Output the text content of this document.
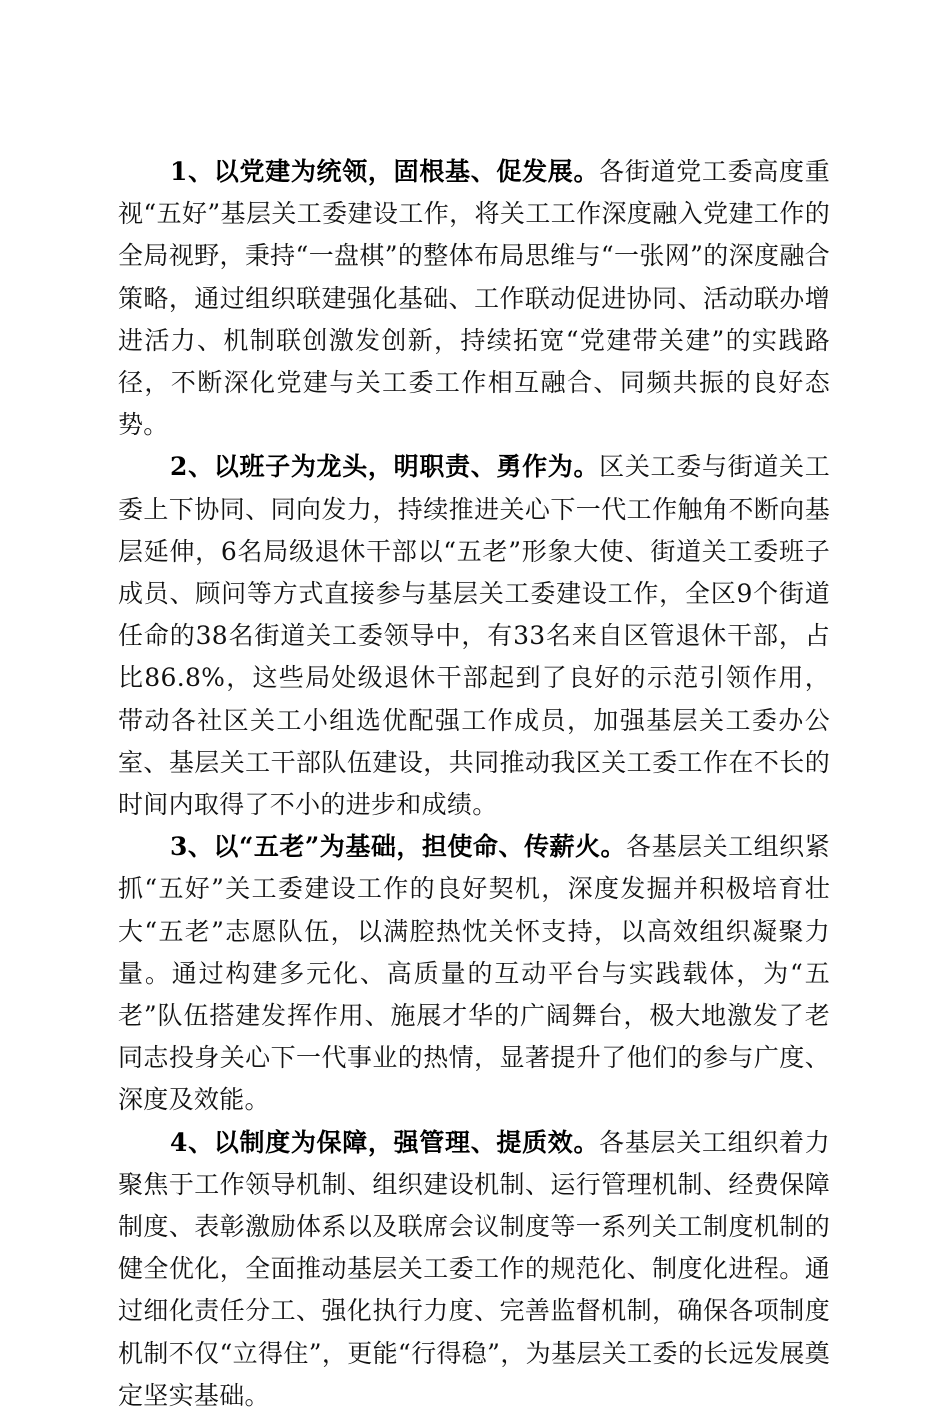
1、以党建为统领，固根基、促发展。各街道党工委高度重视“五好”基层关工委建设工作，将关工工作深度融入党建工作的全局视野，秉持“一盘棋”的整体布局思维与“一张网”的深度融合策略，通过组织联建强化基础、工作联动促进协同、活动联办增进活力、机制联创激发创新，持续拓宽“党建带关建”的实践路径，不断深化党建与关工委工作相互融合、同频共振的良好态势。

2、以班子为龙头，明职责、勇作为。区关工委与街道关工委上下协同、同向发力，持续推进关心下一代工作触角不断向基层延伸，6名局级退休干部以“五老”形象大使、街道关工委班子成员、顾问等方式直接参与基层关工委建设工作，全区9个街道任命的38名街道关工委领导中，有33名来自区管退休干部，占比86.8%，这些局处级退休干部起到了良好的示范引领作用，带动各社区关工小组选优配强工作成员，加强基层关工委办公室、基层关工干部队伍建设，共同推动我区关工委工作在不长的时间内取得了不小的进步和成绩。

3、以“五老”为基础，担使命、传薪火。各基层关工组织紧抓“五好”关工委建设工作的良好契机，深度发掘并积极培育壮大“五老”志愿队伍，以满腔热忱关怀支持，以高效组织凝聚力量。通过构建多元化、高质量的互动平台与实践载体，为“五老”队伍搭建发挥作用、施展才华的广阔舞台，极大地激发了老同志投身关心下一代事业的热情，显著提升了他们的参与广度、深度及效能。

4、以制度为保障，强管理、提质效。各基层关工组织着力聚焦于工作领导机制、组织建设机制、运行管理机制、经费保障制度、表彰激励体系以及联席会议制度等一系列关工制度机制的健全优化，全面推动基层关工委工作的规范化、制度化进程。通过细化责任分工、强化执行力度、完善监督机制，确保各项制度机制不仅“立得住”，更能“行得稳”，为基层关工委的长远发展奠定坚实基础。
